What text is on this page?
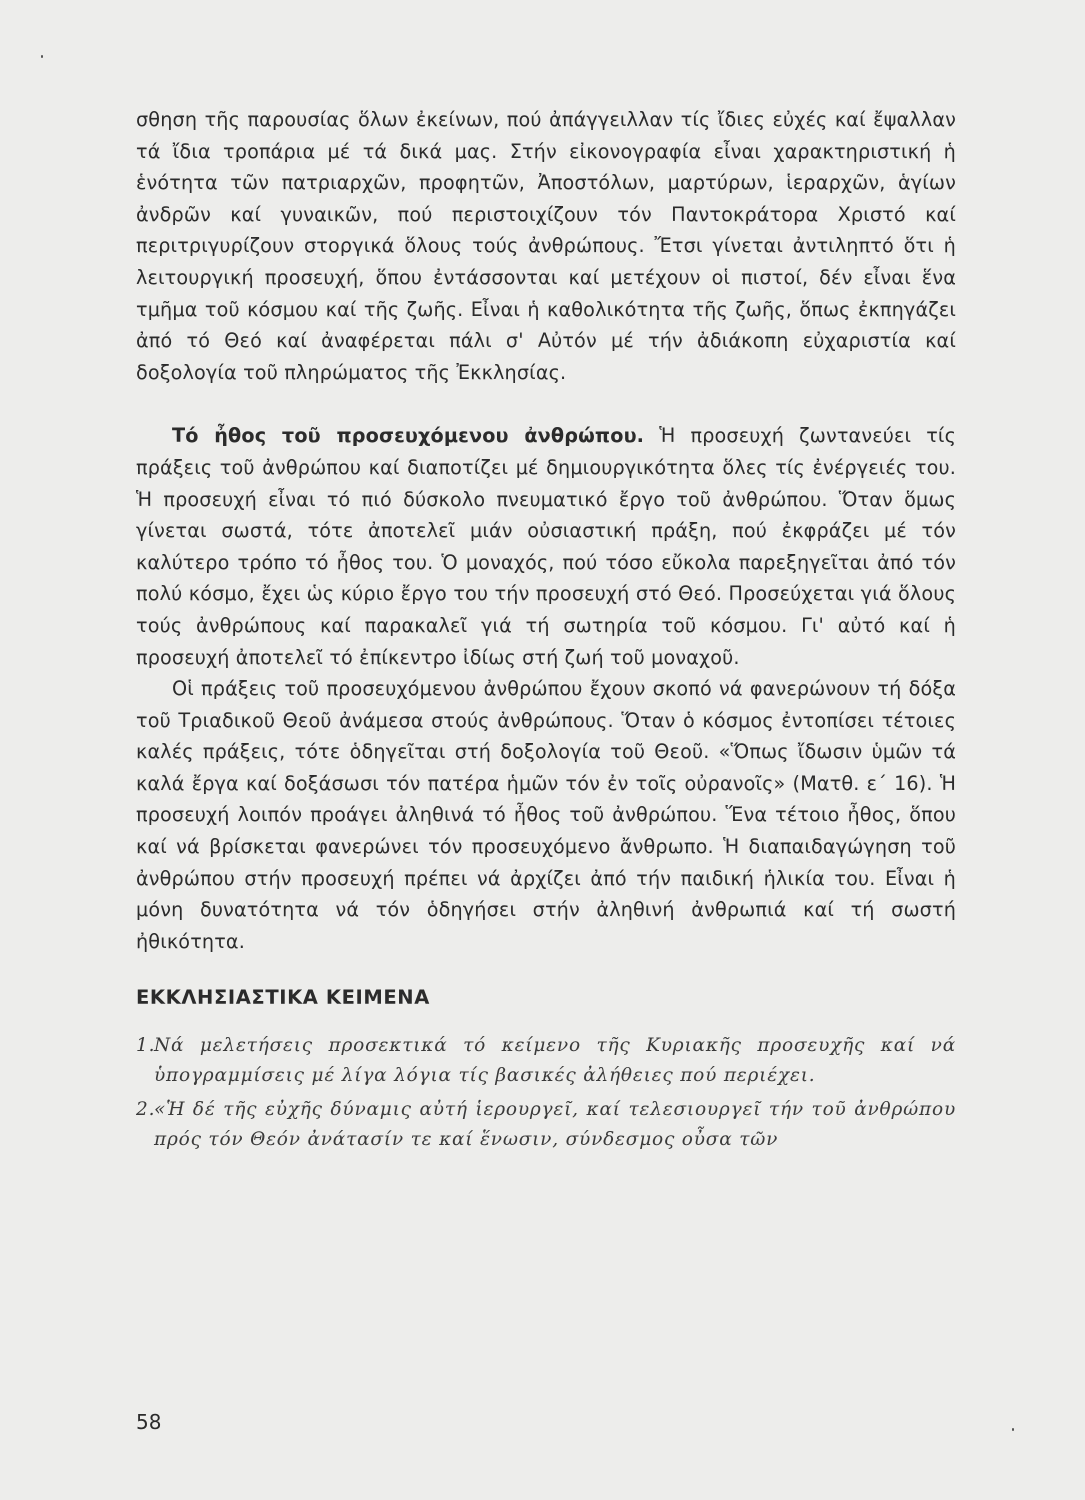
σθηση τῆς παρουσίας ὅλων ἐκείνων, πού ἀπάγγειλλαν τίς ἴδιες εὐχές καί ἔψαλλαν τά ἴδια τροπάρια μέ τά δικά μας. Στήν εἰκονογραφία εἶναι χαρακτηριστική ἡ ἑνότητα τῶν πατριαρχῶν, προφητῶν, Ἀποστόλων, μαρτύρων, ἱεραρχῶν, ἁγίων ἀνδρῶν καί γυναικῶν, πού περιστοιχίζουν τόν Παντοκράτορα Χριστό καί περιτριγυρίζουν στοργικά ὅλους τούς ἀνθρώπους. Ἔτσι γίνεται ἀντιληπτό ὅτι ἡ λειτουργική προσευχή, ὅπου ἐντάσσονται καί μετέχουν οἱ πιστοί, δέν εἶναι ἕνα τμῆμα τοῦ κόσμου καί τῆς ζωῆς. Εἶναι ἡ καθολικότητα τῆς ζωῆς, ὅπως ἐκπηγάζει ἀπό τό Θεό καί ἀναφέρεται πάλι σ' Αὐτόν μέ τήν ἀδιάκοπη εὐχαριστία καί δοξολογία τοῦ πληρώματος τῆς Ἐκκλησίας.

Τό ἦθος τοῦ προσευχόμενου ἀνθρώπου. Ἡ προσευχή ζωντανεύει τίς πράξεις τοῦ ἀνθρώπου καί διαποτίζει μέ δημιουργικότητα ὅλες τίς ἐνέργειές του. Ἡ προσευχή εἶναι τό πιό δύσκολο πνευματικό ἔργο τοῦ ἀνθρώπου. Ὅταν ὅμως γίνεται σωστά, τότε ἀποτελεῖ μιάν οὐσιαστική πράξη, πού ἐκφράζει μέ τόν καλύτερο τρόπο τό ἦθος του. Ὁ μοναχός, πού τόσο εὔκολα παρεξηγεῖται ἀπό τόν πολύ κόσμο, ἔχει ὡς κύριο ἔργο του τήν προσευχή στό Θεό. Προσεύχεται γιά ὅλους τούς ἀνθρώπους καί παρακαλεῖ γιά τή σωτηρία τοῦ κόσμου. Γι' αὐτό καί ἡ προσευχή ἀποτελεῖ τό ἐπίκεντρο ἰδίως στή ζωή τοῦ μοναχοῦ.

Οἱ πράξεις τοῦ προσευχόμενου ἀνθρώπου ἔχουν σκοπό νά φανερώνουν τή δόξα τοῦ Τριαδικοῦ Θεοῦ ἀνάμεσα στούς ἀνθρώπους. Ὅταν ὁ κόσμος ἐντοπίσει τέτοιες καλές πράξεις, τότε ὁδηγεῖται στή δοξολογία τοῦ Θεοῦ. «Ὅπως ἴδωσιν ὑμῶν τά καλά ἔργα καί δοξάσωσι τόν πατέρα ἡμῶν τόν ἐν τοῖς οὐρανοῖς» (Ματθ. ε΄ 16). Ἡ προσευχή λοιπόν προάγει ἀληθινά τό ἦθος τοῦ ἀνθρώπου. Ἕνα τέτοιο ἦθος, ὅπου καί νά βρίσκεται φανερώνει τόν προσευχόμενο ἄνθρωπο. Ἡ διαπαιδαγώγηση τοῦ ἀνθρώπου στήν προσευχή πρέπει νά ἀρχίζει ἀπό τήν παιδική ἡλικία του. Εἶναι ἡ μόνη δυνατότητα νά τόν ὁδηγήσει στήν ἀληθινή ἀνθρωπιά καί τή σωστή ἠθικότητα.

ΕΚΚΛΗΣΙΑΣΤΙΚΑ ΚΕΙΜΕΝΑ
1.
Νά μελετήσεις προσεκτικά τό κείμενο τῆς Κυριακῆς προσευχῆς καί νά ὑπογραμμίσεις μέ λίγα λόγια τίς βασικές ἀλήθειες πού περιέχει.
2.
«Ἡ δέ τῆς εὐχῆς δύναμις αὐτή ἱερουργεῖ, καί τελεσιουργεῖ τήν τοῦ ἀνθρώπου πρός τόν Θεόν ἀνάτασίν τε καί ἕνωσιν, σύνδεσμος οὖσα τῶν
58
